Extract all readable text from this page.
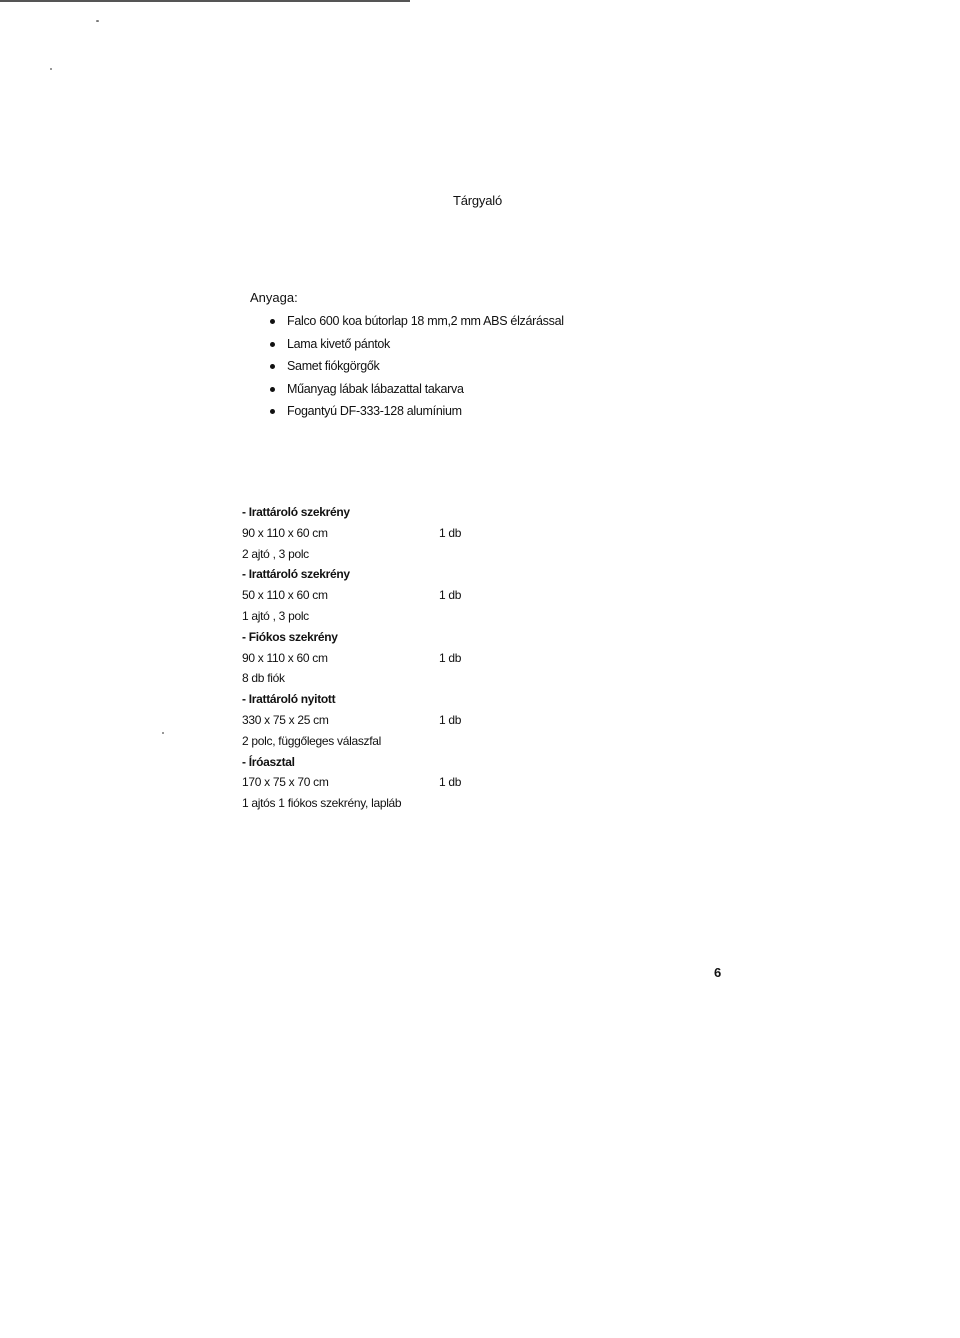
Tárgyaló
Anyaga:
Falco 600 koa bútorlap 18 mm,2 mm ABS élzárással
Lama kivető pántok
Samet fiókgörgők
Műanyag lábak lábazattal takarva
Fogantyú DF-333-128 alumínium
- Irattároló szekrény
90 x 110 x 60 cm	1 db
2 ajtó , 3 polc
- Irattároló szekrény
50 x 110 x 60 cm	1 db
1 ajtó , 3 polc
- Fiókos szekrény
90 x 110 x 60 cm	1 db
8 db fiók
- Irattároló nyitott
330 x 75 x 25 cm	1 db
2 polc, függőleges válaszfal
- Íróasztal
170 x 75 x 70 cm	1 db
1 ajtós 1 fiókos szekrény, lapláb
6
